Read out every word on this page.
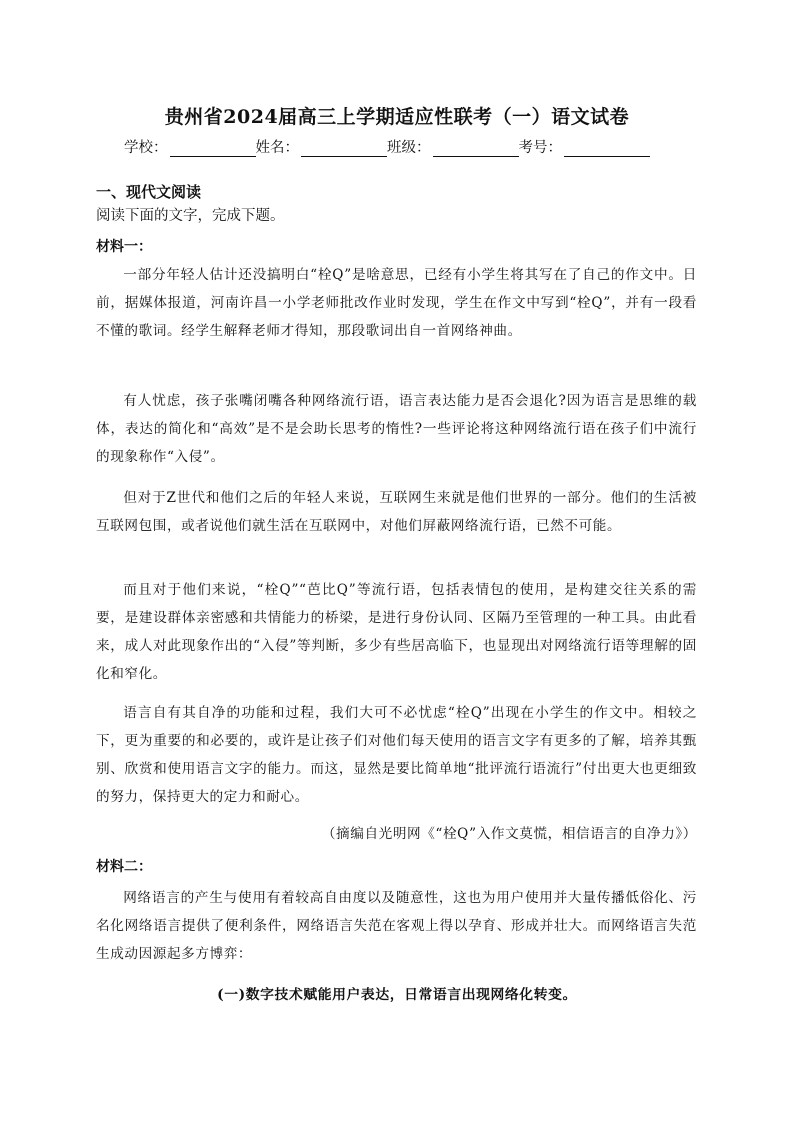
贵州省2024届高三上学期适应性联考（一）语文试卷
学校：	姓名：	班级：	考号：
一、现代文阅读
阅读下面的文字，完成下题。
材料一：
一部分年轻人估计还没搞明白“栓Q”是啥意思，已经有小学生将其写在了自己的作文中。日前，据媒体报道，河南许昌一小学老师批改作业时发现，学生在作文中写到“栓Q”，并有一段看不懂的歌词。经学生解释老师才得知，那段歌词出自一首网络神曲。
有人忧虑，孩子张嘴闭嘴各种网络流行语，语言表达能力是否会退化?因为语言是思维的载体，表达的简化和“高效”是不是会助长思考的惰性?一些评论将这种网络流行语在孩子们中流行的现象称作“入侵”。
但对于Z世代和他们之后的年轻人来说，互联网生来就是他们世界的一部分。他们的生活被互联网包围，或者说他们就生活在互联网中，对他们屏蔽网络流行语，已然不可能。
而且对于他们来说，“栓Q”“芭比Q”等流行语，包括表情包的使用，是构建交往关系的需要，是建设群体亲密感和共情能力的桥梁，是进行身份认同、区隔乃至管理的一种工具。由此看来，成人对此现象作出的“入侵”等判断，多少有些居高临下，也显现出对网络流行语等理解的固化和窄化。
语言自有其自净的功能和过程，我们大可不必忧虑“栓Q”出现在小学生的作文中。相较之下，更为重要的和必要的，或许是让孩子们对他们每天使用的语言文字有更多的了解，培养其甄别、欣赏和使用语言文字的能力。而这，显然是要比简单地“批评流行语流行”付出更大也更细致的努力，保持更大的定力和耐心。
（摘编自光明网《“栓Q”入作文莫慌，相信语言的自净力》）
材料二：
网络语言的产生与使用有着较高自由度以及随意性，这也为用户使用并大量传播低俗化、污名化网络语言提供了便利条件，网络语言失范在客观上得以孕育、形成并壮大。而网络语言失范生成动因源起多方博弈：
(一)数字技术赋能用户表达，日常语言出现网络化转变。
